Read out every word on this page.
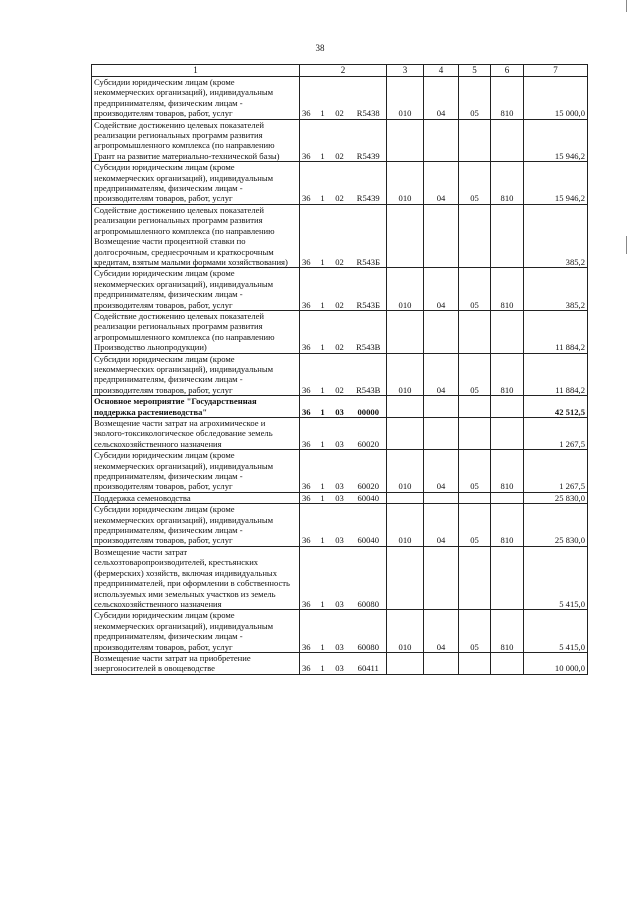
38
1	2				3	4	5	6	7
Субсидии юридическим лицам (кроме некоммерческих организаций), индивидуальным предпринимателям, физическим лицам - производителям товаров, работ, услуг	36	1	02	R5438	010	04	05	810	15 000,0
Содействие достижению целевых показателей реализации региональных программ развития агропромышленного комплекса (по направлению Грант на развитие материально-технической базы)	36	1	02	R5439					15 946,2
Субсидии юридическим лицам (кроме некоммерческих организаций), индивидуальным предпринимателям, физическим лицам - производителям товаров, работ, услуг	36	1	02	R5439	010	04	05	810	15 946,2
Содействие достижению целевых показателей реализации региональных программ развития агропромышленного комплекса (по направлению Возмещение части процентной ставки по долгосрочным, среднесрочным и краткосрочным кредитам, взятым малыми формами хозяйствования)	36	1	02	R543Б					385,2
Субсидии юридическим лицам (кроме некоммерческих организаций), индивидуальным предпринимателям, физическим лицам - производителям товаров, работ, услуг	36	1	02	R543Б	010	04	05	810	385,2
Содействие достижению целевых показателей реализации региональных программ развития агропромышленного комплекса (по направлению Производство льнопродукции)	36	1	02	R543В					11 884,2
Субсидии юридическим лицам (кроме некоммерческих организаций), индивидуальным предпринимателям, физическим лицам - производителям товаров, работ, услуг	36	1	02	R543В	010	04	05	810	11 884,2
Основное мероприятие "Государственная поддержка растениеводства"	36	1	03	00000					42 512,5
Возмещение части затрат на агрохимическое и эколого-токсикологическое обследование земель сельскохозяйственного назначения	36	1	03	60020					1 267,5
Субсидии юридическим лицам (кроме некоммерческих организаций), индивидуальным предпринимателям, физическим лицам - производителям товаров, работ, услуг	36	1	03	60020	010	04	05	810	1 267,5
Поддержка семеноводства	36	1	03	60040					25 830,0
Субсидии юридическим лицам (кроме некоммерческих организаций), индивидуальным предпринимателям, физическим лицам - производителям товаров, работ, услуг	36	1	03	60040	010	04	05	810	25 830,0
Возмещение части затрат сельхозтоваропроизводителей, крестьянских (фермерских) хозяйств, включая индивидуальных предпринимателей, при оформлении в собственность используемых ими земельных участков из земель сельскохозяйственного назначения	36	1	03	60080					5 415,0
Субсидии юридическим лицам (кроме некоммерческих организаций), индивидуальным предпринимателям, физическим лицам - производителям товаров, работ, услуг	36	1	03	60080	010	04	05	810	5 415,0
Возмещение части затрат на приобретение энергоносителей в овощеводстве	36	1	03	60411					10 000,0
